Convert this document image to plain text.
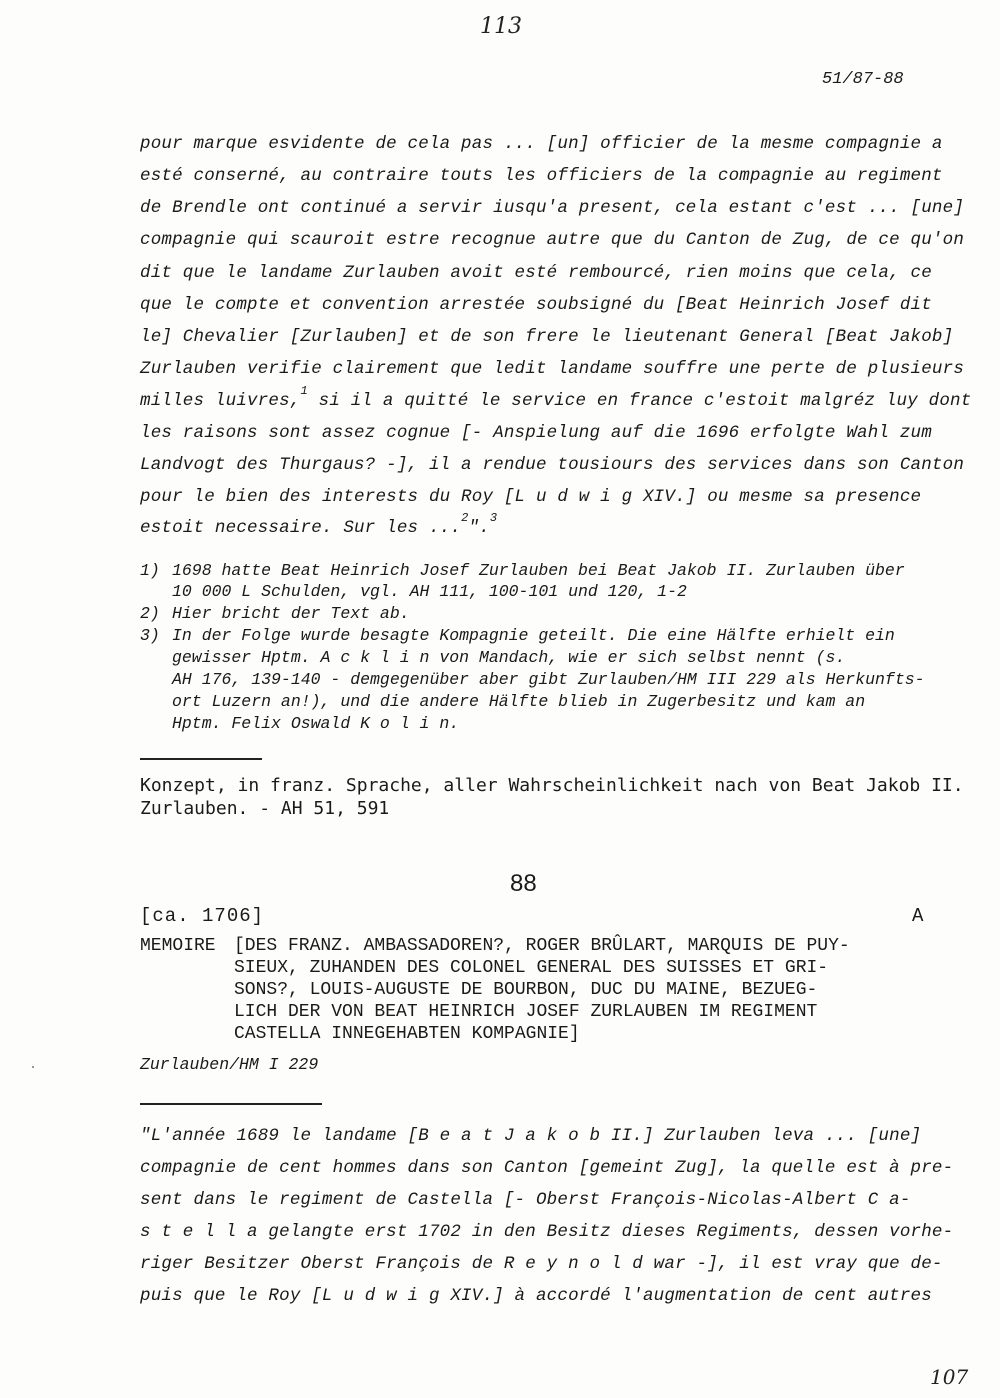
113
51/87-88
pour marque esvidente de cela pas ... [un] officier de la mesme compagnie a
esté conserné, au contraire touts les officiers de la compagnie au regiment
de Brendle ont continué a servir iusqu'a present, cela estant c'est ... [une]
compagnie qui scauroit estre recognue autre que du Canton de Zug, de ce qu'on
dit que le landame Zurlauben avoit esté rembourcé, rien moins que cela, ce
que le compte et convention arrestée soubsigné du [Beat Heinrich Josef dit
le] Chevalier [Zurlauben] et de son frere le lieutenant General [Beat Jakob]
Zurlauben verifie clairement que ledit landame souffre une perte de plusieurs
milles luivres,$^1$ si il a quitté le service en france c'estoit malgréz luy dont
les raisons sont assez cognue [- Anspielung auf die 1696 erfolgte Wahl zum
Landvogt des Thurgaus? -], il a rendue tousiours des services dans son Canton
pour le bien des interests du Roy [L u d w i g XIV.] ou mesme sa presence
estoit necessaire. Sur les ...$^2$".$^3$
1) 1698 hatte Beat Heinrich Josef Zurlauben bei Beat Jakob II. Zurlauben über
10 000 L Schulden, vgl. AH 111, 100-101 und 120, 1-2
2) Hier bricht der Text ab.
3) In der Folge wurde besagte Kompagnie geteilt. Die eine Hälfte erhielt ein
gewisser Hptm. A c k l i n von Mandach, wie er sich selbst nennt (s.
AH 176, 139-140 - demgegenüber aber gibt Zurlauben/HM III 229 als Herkunfts-
ort Luzern an!), und die andere Hälfte blieb in Zugerbesitz und kam an
Hptm. Felix Oswald K o l i n.
Konzept, in franz. Sprache, aller Wahrscheinlichkeit nach von Beat Jakob II.
Zurlauben. - AH 51, 591
88
[ca. 1706]	A
MEMOIRE [DES FRANZ. AMBASSADOREN?, ROGER BRÛLART, MARQUIS DE PUY-
SIEUX, ZUHANDEN DES COLONEL GENERAL DES SUISSES ET GRI-
SONS?, LOUIS-AUGUSTE DE BOURBON, DUC DU MAINE, BEZUEG-
LICH DER VON BEAT HEINRICH JOSEF ZURLAUBEN IM REGIMENT
CASTELLA INNEGEHABTEN KOMPAGNIE]
Zurlauben/HM I 229
"L'année 1689 le landame [B e a t J a k o b II.] Zurlauben leva ... [une]
compagnie de cent hommes dans son Canton [gemeint Zug], la quelle est à pre-
sent dans le regiment de Castella [- Oberst François-Nicolas-Albert C a-
s t e l l a gelangte erst 1702 in den Besitz dieses Regiments, dessen vorhe-
riger Besitzer Oberst François de R e y n o l d war -], il est vray que de-
puis que le Roy [L u d w i g XIV.] à accordé l'augmentation de cent autres
107
